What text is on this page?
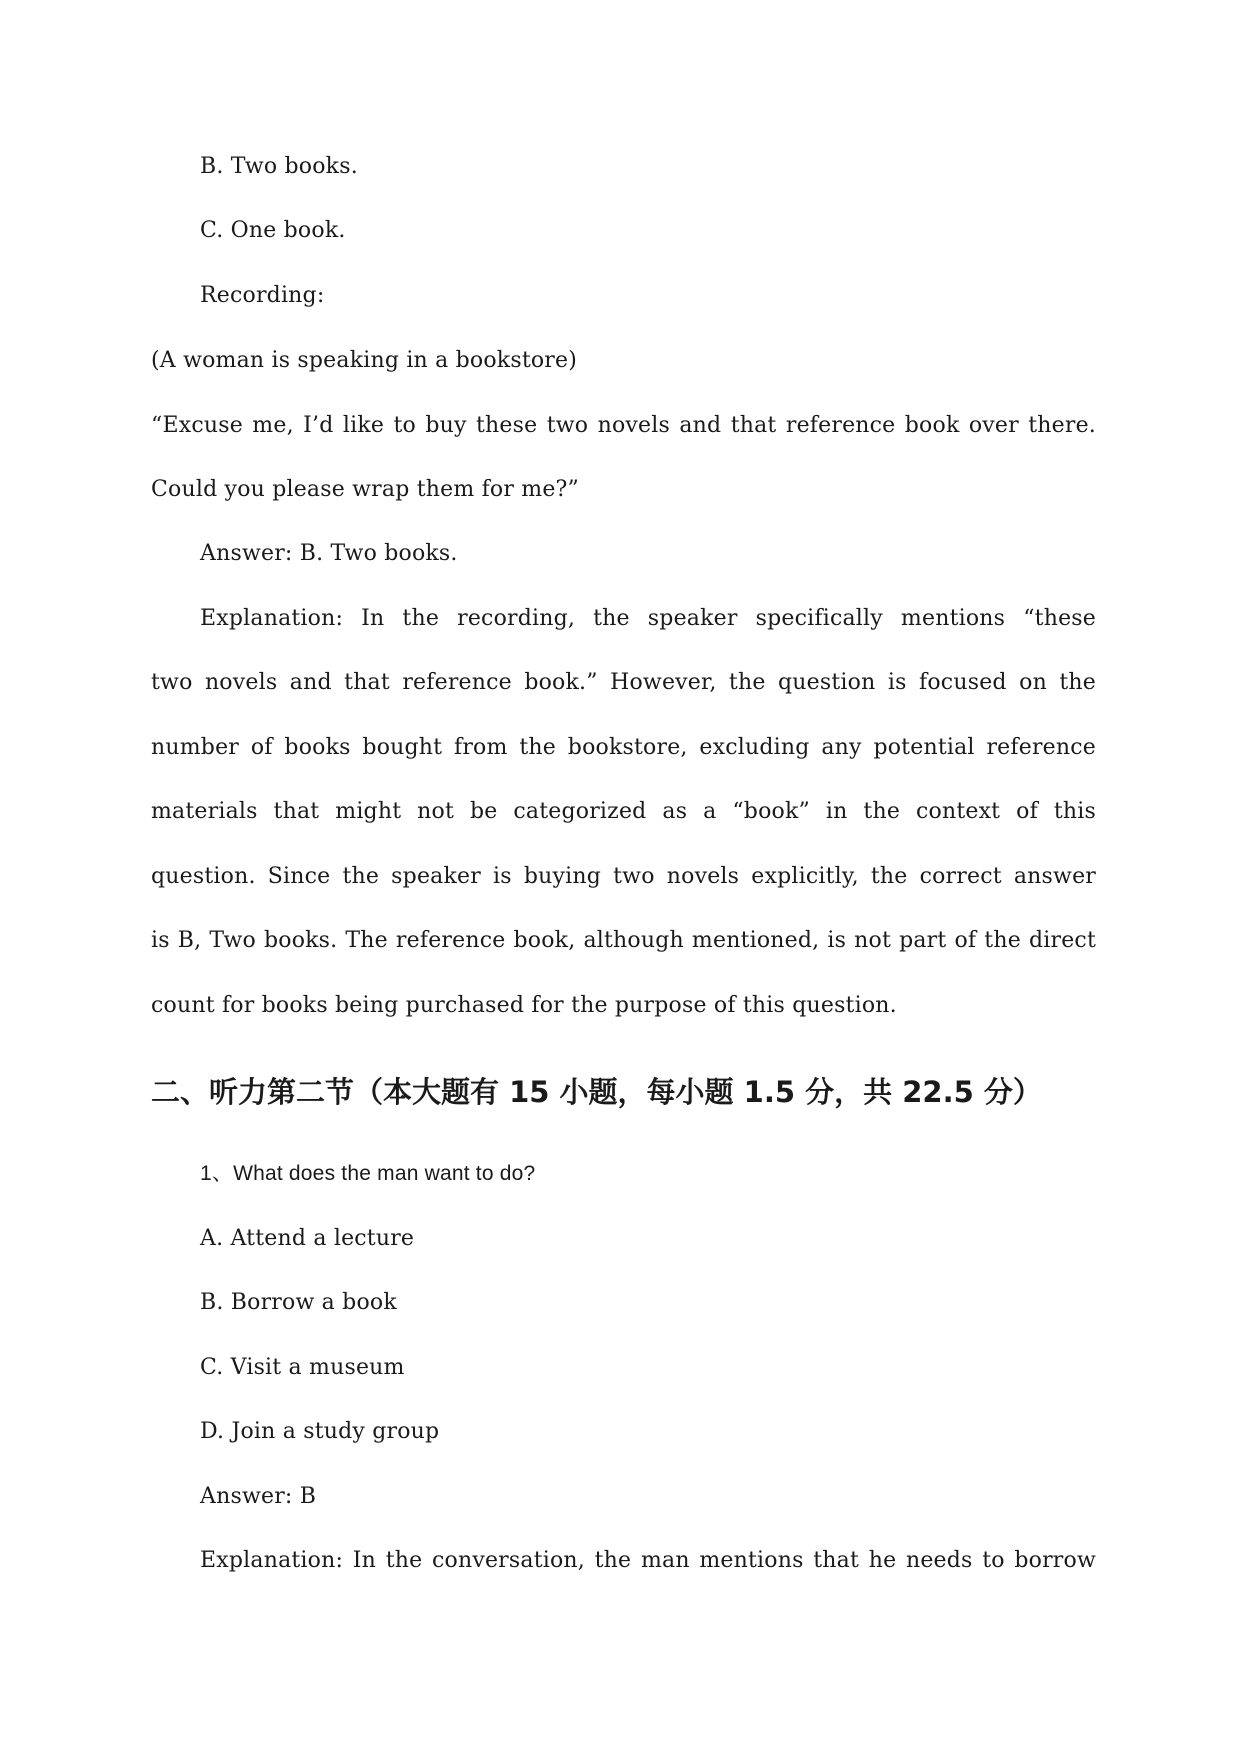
B. Two books.
C. One book.
Recording:
(A woman is speaking in a bookstore)
“Excuse me, I’d like to buy these two novels and that reference book over there.
Could you please wrap them for me?”
Answer: B. Two books.
Explanation: In the recording, the speaker specifically mentions “these
two novels and that reference book.” However, the question is focused on the
number of books bought from the bookstore, excluding any potential reference
materials that might not be categorized as a “book” in the context of this
question. Since the speaker is buying two novels explicitly, the correct answer
is B, Two books. The reference book, although mentioned, is not part of the direct
count for books being purchased for the purpose of this question.
二、听力第二节（本大题有 15 小题，每小题 1.5 分，共 22.5 分）
1、What does the man want to do?
A. Attend a lecture
B. Borrow a book
C. Visit a museum
D. Join a study group
Answer: B
Explanation: In the conversation, the man mentions that he needs to borrow
